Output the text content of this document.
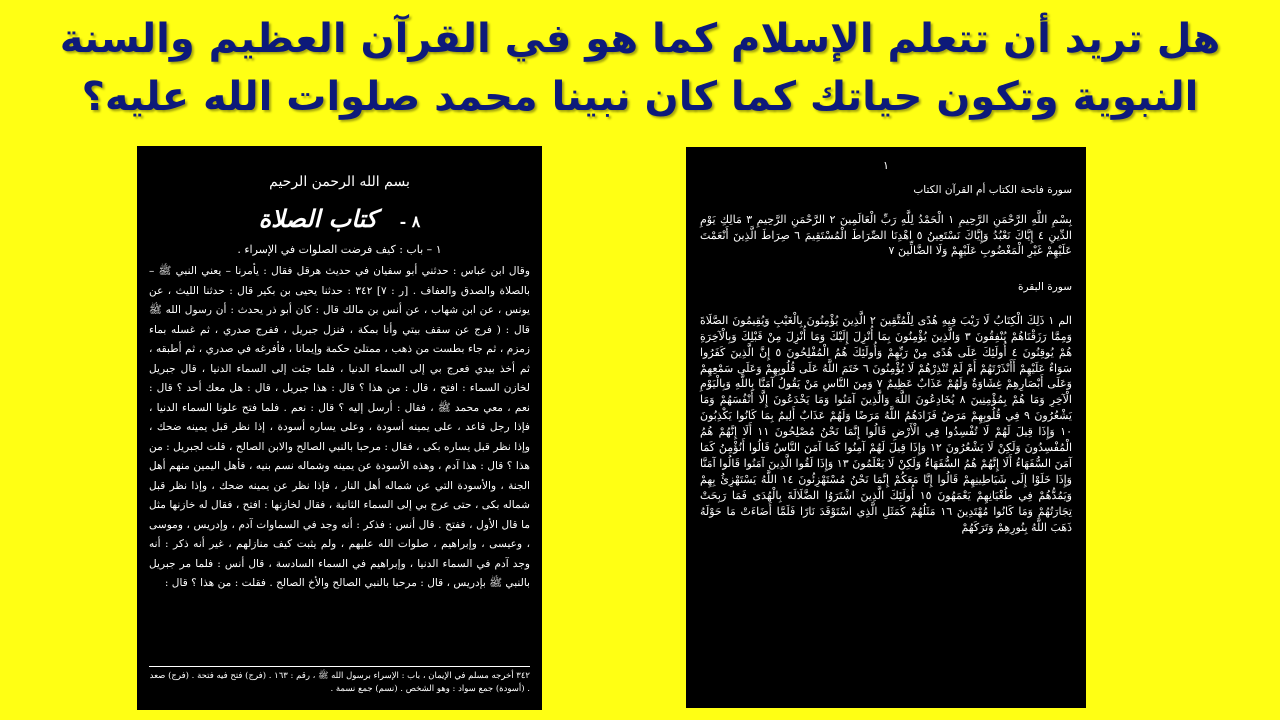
هل تريد أن تتعلم الإسلام كما هو في القرآن العظيم والسنة
النبوية وتكون حياتك كما كان نبينا محمد صلوات الله عليه؟
بسم الله الرحمن الرحيم
٨ - كتاب الصلاة
١ – باب : كيف فرضت الصلوات في الإسراء .

وقال ابن عباس : حدثني أبو سفيان في حديث هرقل فقال : يأمرنا – يعني النبي ﷺ – بالصلاة والصدق والعفاف . [ر : ٧] ٣٤٢ : حدثنا يحيى بن بكير قال : حدثنا الليث ، عن يونس ، عن ابن شهاب ، عن أنس بن مالك قال : كان أبو ذر يحدث : أن رسول الله ﷺ قال : ( فرج عن سقف بيتي وأنا بمكة ، فنزل جبريل ، ففرج صدري ، ثم غسله بماء زمزم ، ثم جاء بطست من ذهب ، ممتلئ حكمة وإيمانا ، فأفرغه في صدري ، ثم أطبقه ، ثم أخذ بيدي فعرج بي إلى السماء الدنيا ، فلما جئت إلى السماء الدنيا ، قال جبريل لخازن السماء : افتح ، قال : من هذا ؟ قال : هذا جبريل ، قال : هل معك أحد ؟ قال : نعم ، معي محمد ﷺ ، فقال : أرسل إليه ؟ قال : نعم . فلما فتح علونا السماء الدنيا ، فإذا رجل قاعد ، على يمينه أسودة ، وعلى يساره أسودة ، إذا نظر قبل يمينه ضحك ، وإذا نظر قبل يساره بكى ، فقال : مرحبا بالنبي الصالح والابن الصالح ، قلت لجبريل : من هذا ؟ قال : هذا آدم ، وهذه الأسودة عن يمينه وشماله نسم بنيه ، فأهل اليمين منهم أهل الجنة ، والأسودة التي عن شماله أهل النار ، فإذا نظر عن يمينه ضحك ، وإذا نظر قبل شماله بكى ، حتى عرج بي إلى السماء الثانية ، فقال لخازنها : افتح ، فقال له خازنها مثل ما قال الأول ، ففتح . قال أنس : فذكر : أنه وجد في السماوات آدم ، وإدريس ، وموسى ، وعيسى ، وإبراهيم ، صلوات الله عليهم ، ولم يثبت كيف منازلهم ، غير أنه ذكر : أنه وجد آدم في السماء الدنيا ، وإبراهيم في السماء السادسة ، قال أنس : فلما مر جبريل بالنبي ﷺ بإدريس ، قال : مرحبا بالنبي الصالح والأخ الصالح . فقلت : من هذا ؟ قال :

٣٤٢ أخرجه مسلم في الإيمان ، باب : الإسراء برسول الله ﷺ ، رقم : ١٦٣ . (فرج) فتح فيه فتحة . (فرج) صعد . (أسودة) جمع سواد : وهو الشخص . (نسم) جمع نسمة .
١
سورة فاتحة الكتاب أم القرآن الكتاب
بِسْمِ اللَّهِ الرَّحْمَنِ الرَّحِيمِ ١ الْحَمْدُ لِلَّهِ رَبِّ الْعَالَمِينَ ٢ الرَّحْمَنِ الرَّحِيمِ ٣ مَالِكِ يَوْمِ الدِّينِ ٤ إِيَّاكَ نَعْبُدُ وَإِيَّاكَ نَسْتَعِينُ ٥ اهْدِنَا الصِّرَاطَ الْمُسْتَقِيمَ ٦ صِرَاطَ الَّذِينَ أَنْعَمْتَ عَلَيْهِمْ غَيْرِ الْمَغْضُوبِ عَلَيْهِمْ وَلَا الضَّالِّينَ ٧
سورة البقرة
الم ١ ذَلِكَ الْكِتَابُ لَا رَيْبَ فِيهِ هُدًى لِلْمُتَّقِينَ ٢ الَّذِينَ يُؤْمِنُونَ بِالْغَيْبِ وَيُقِيمُونَ الصَّلَاةَ وَمِمَّا رَزَقْنَاهُمْ يُنْفِقُونَ ٣ وَالَّذِينَ يُؤْمِنُونَ بِمَا أُنْزِلَ إِلَيْكَ وَمَا أُنْزِلَ مِنْ قَبْلِكَ وَبِالْآخِرَةِ هُمْ يُوقِنُونَ ٤ أُولَئِكَ عَلَى هُدًى مِنْ رَبِّهِمْ وَأُولَئِكَ هُمُ الْمُفْلِحُونَ ٥ إِنَّ الَّذِينَ كَفَرُوا سَوَاءٌ عَلَيْهِمْ أَأَنْذَرْتَهُمْ أَمْ لَمْ تُنْذِرْهُمْ لَا يُؤْمِنُونَ ٦ خَتَمَ اللَّهُ عَلَى قُلُوبِهِمْ وَعَلَى سَمْعِهِمْ وَعَلَى أَبْصَارِهِمْ غِشَاوَةٌ وَلَهُمْ عَذَابٌ عَظِيمٌ ٧ وَمِنَ النَّاسِ مَنْ يَقُولُ آمَنَّا بِاللَّهِ وَبِالْيَوْمِ الْآخِرِ وَمَا هُمْ بِمُؤْمِنِينَ ٨ يُخَادِعُونَ اللَّهَ وَالَّذِينَ آمَنُوا وَمَا يَخْدَعُونَ إِلَّا أَنْفُسَهُمْ وَمَا يَشْعُرُونَ ٩ فِي قُلُوبِهِمْ مَرَضٌ فَزَادَهُمُ اللَّهُ مَرَضًا وَلَهُمْ عَذَابٌ أَلِيمٌ بِمَا كَانُوا يَكْذِبُونَ ١٠ وَإِذَا قِيلَ لَهُمْ لَا تُفْسِدُوا فِي الْأَرْضِ قَالُوا إِنَّمَا نَحْنُ مُصْلِحُونَ ١١ أَلَا إِنَّهُمْ هُمُ الْمُفْسِدُونَ وَلَكِنْ لَا يَشْعُرُونَ ١٢ وَإِذَا قِيلَ لَهُمْ آمِنُوا كَمَا آمَنَ النَّاسُ قَالُوا أَنُؤْمِنُ كَمَا آمَنَ السُّفَهَاءُ أَلَا إِنَّهُمْ هُمُ السُّفَهَاءُ وَلَكِنْ لَا يَعْلَمُونَ ١٣ وَإِذَا لَقُوا الَّذِينَ آمَنُوا قَالُوا آمَنَّا وَإِذَا خَلَوْا إِلَى شَيَاطِينِهِمْ قَالُوا إِنَّا مَعَكُمْ إِنَّمَا نَحْنُ مُسْتَهْزِئُونَ ١٤ اللَّهُ يَسْتَهْزِئُ بِهِمْ وَيَمُدُّهُمْ فِي طُغْيَانِهِمْ يَعْمَهُونَ ١٥ أُولَئِكَ الَّذِينَ اشْتَرَوُا الضَّلَالَةَ بِالْهُدَى فَمَا رَبِحَتْ تِجَارَتُهُمْ وَمَا كَانُوا مُهْتَدِينَ ١٦ مَثَلُهُمْ كَمَثَلِ الَّذِي اسْتَوْقَدَ نَارًا فَلَمَّا أَضَاءَتْ مَا حَوْلَهُ ذَهَبَ اللَّهُ بِنُورِهِمْ وَتَرَكَهُمْ
